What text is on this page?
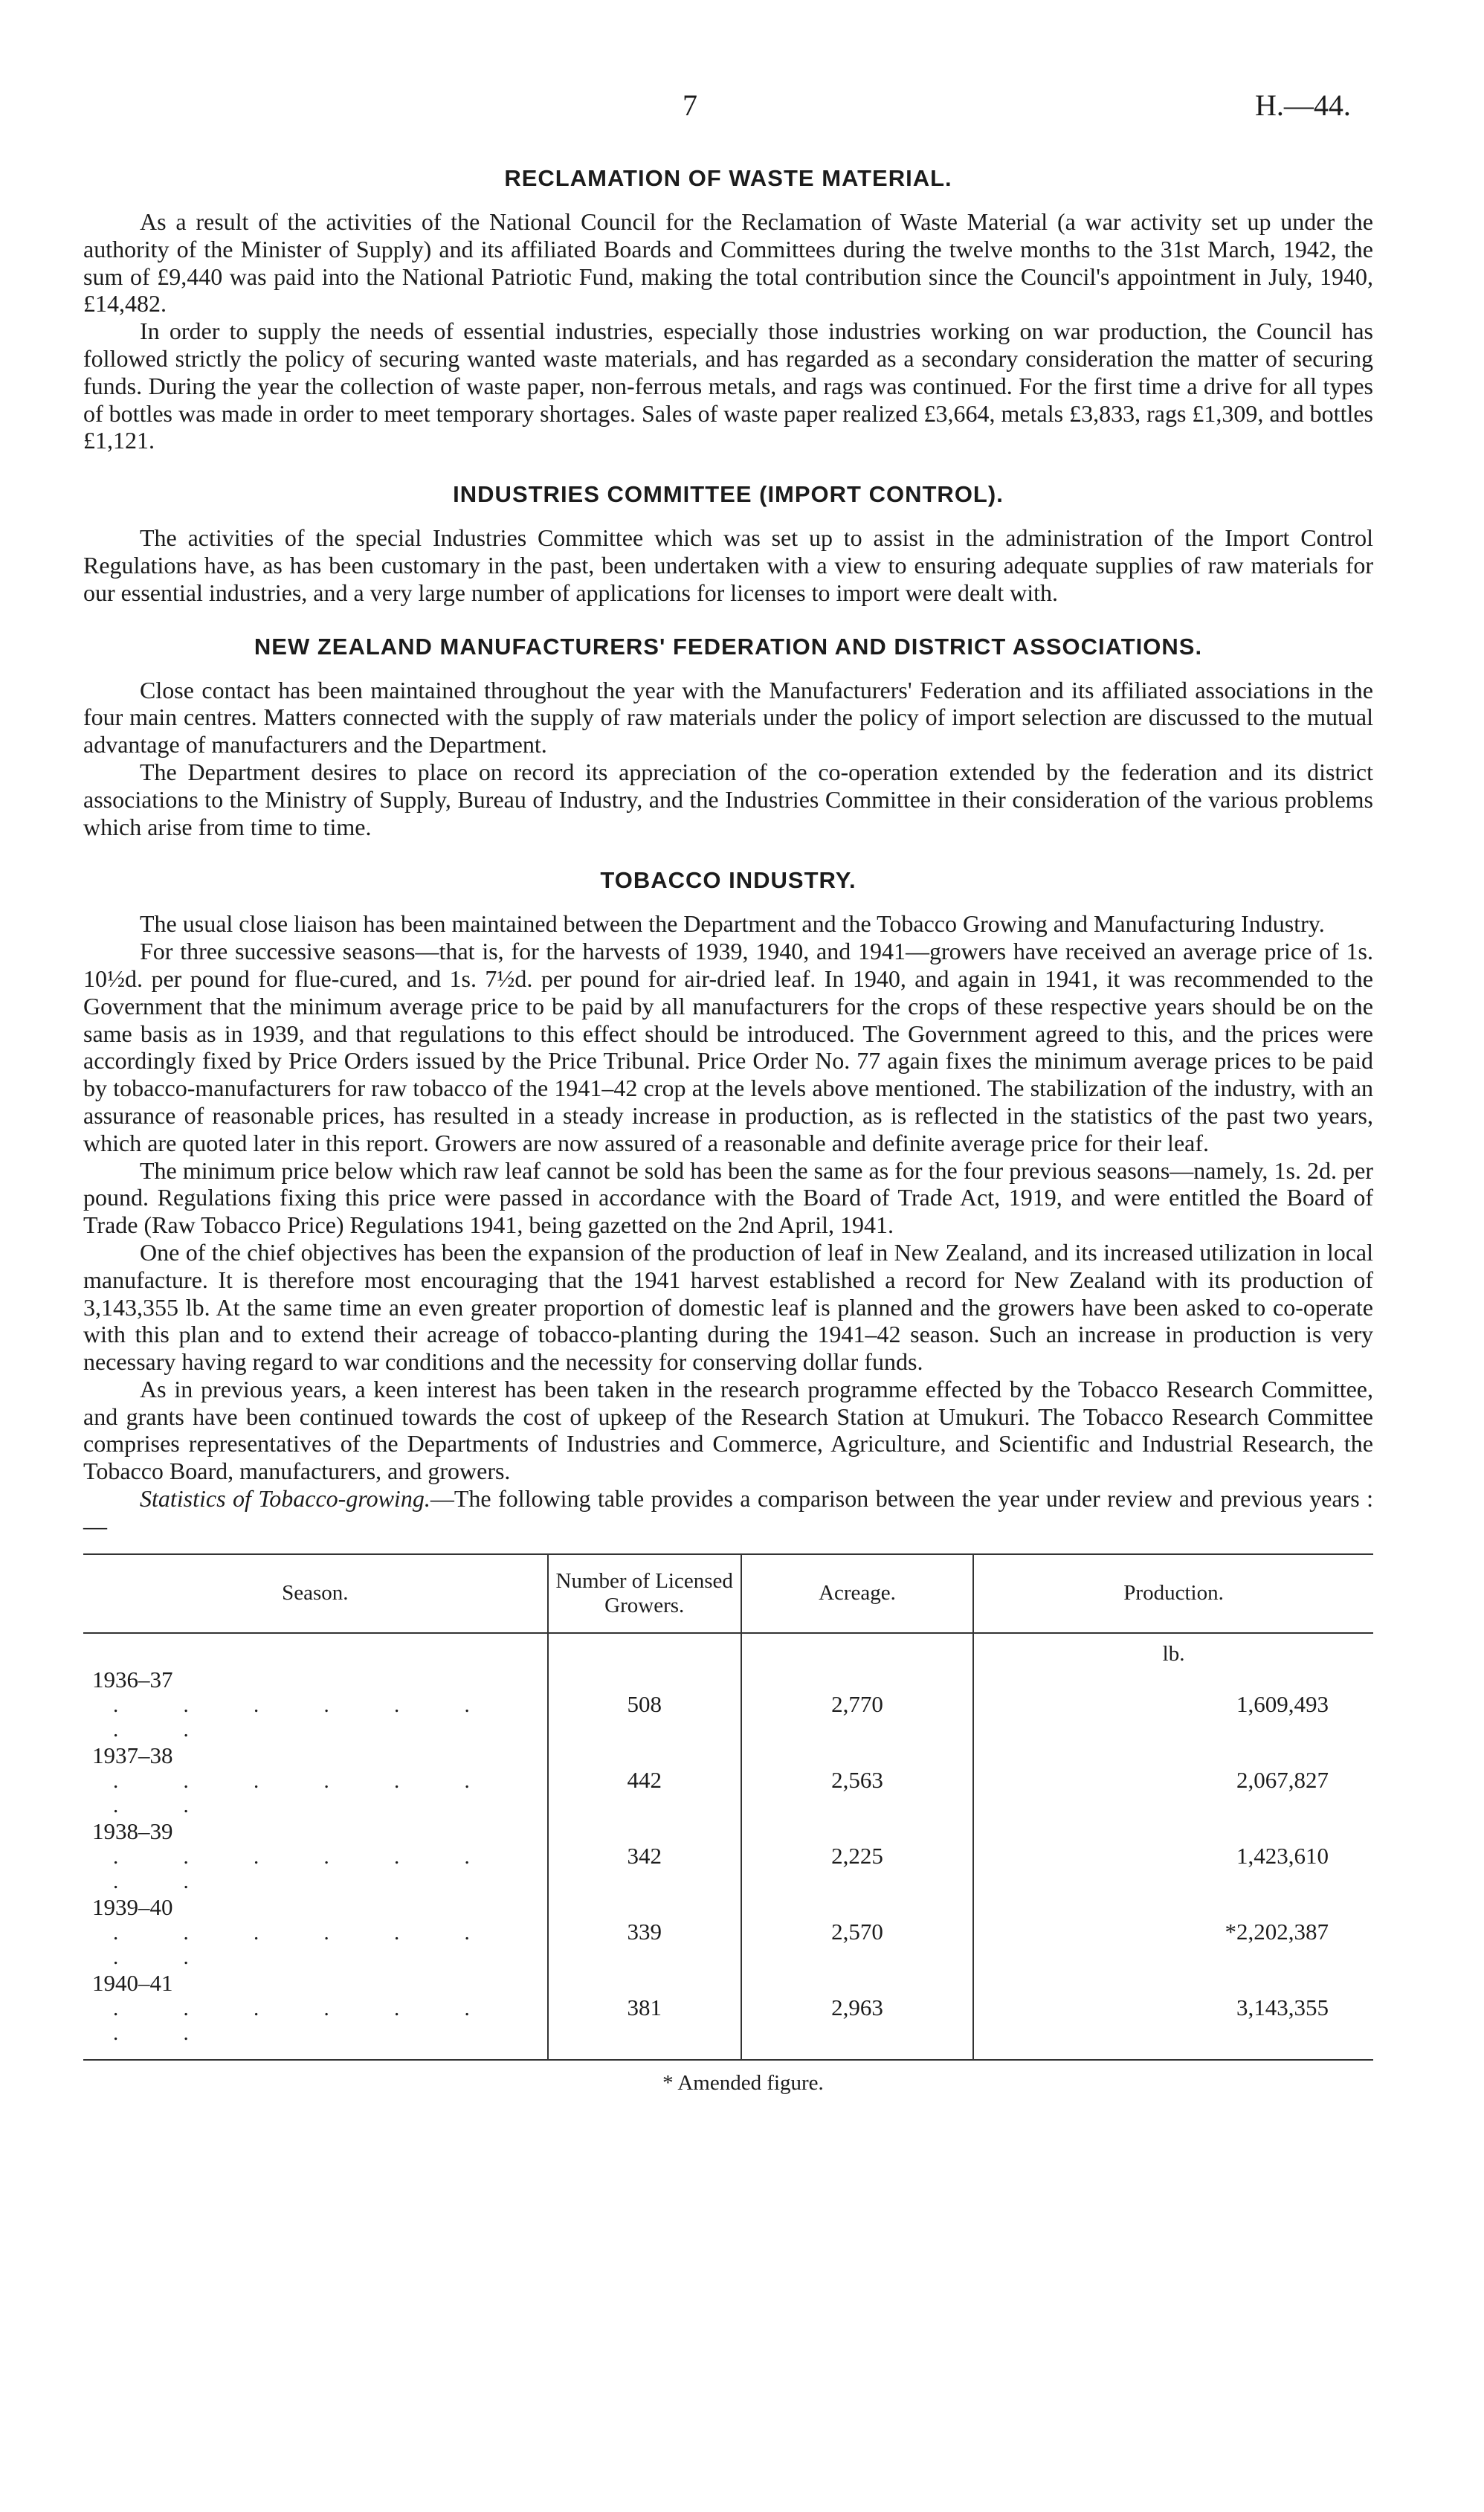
7	H.—44.
RECLAMATION OF WASTE MATERIAL.

As a result of the activities of the National Council for the Reclamation of Waste Material (a war activity set up under the authority of the Minister of Supply) and its affiliated Boards and Committees during the twelve months to the 31st March, 1942, the sum of £9,440 was paid into the National Patriotic Fund, making the total contribution since the Council's appointment in July, 1940, £14,482.

In order to supply the needs of essential industries, especially those industries working on war production, the Council has followed strictly the policy of securing wanted waste materials, and has regarded as a secondary consideration the matter of securing funds. During the year the collection of waste paper, non-ferrous metals, and rags was continued. For the first time a drive for all types of bottles was made in order to meet temporary shortages. Sales of waste paper realized £3,664, metals £3,833, rags £1,309, and bottles £1,121.

INDUSTRIES COMMITTEE (IMPORT CONTROL).

The activities of the special Industries Committee which was set up to assist in the administration of the Import Control Regulations have, as has been customary in the past, been undertaken with a view to ensuring adequate supplies of raw materials for our essential industries, and a very large number of applications for licenses to import were dealt with.

NEW ZEALAND MANUFACTURERS' FEDERATION AND DISTRICT ASSOCIATIONS.

Close contact has been maintained throughout the year with the Manufacturers' Federation and its affiliated associations in the four main centres. Matters connected with the supply of raw materials under the policy of import selection are discussed to the mutual advantage of manufacturers and the Department.

The Department desires to place on record its appreciation of the co-operation extended by the federation and its district associations to the Ministry of Supply, Bureau of Industry, and the Industries Committee in their consideration of the various problems which arise from time to time.

TOBACCO INDUSTRY.

The usual close liaison has been maintained between the Department and the Tobacco Growing and Manufacturing Industry.

For three successive seasons—that is, for the harvests of 1939, 1940, and 1941—growers have received an average price of 1s. 10½d. per pound for flue-cured, and 1s. 7½d. per pound for air-dried leaf. In 1940, and again in 1941, it was recommended to the Government that the minimum average price to be paid by all manufacturers for the crops of these respective years should be on the same basis as in 1939, and that regulations to this effect should be introduced. The Government agreed to this, and the prices were accordingly fixed by Price Orders issued by the Price Tribunal. Price Order No. 77 again fixes the minimum average prices to be paid by tobacco-manufacturers for raw tobacco of the 1941–42 crop at the levels above mentioned. The stabilization of the industry, with an assurance of reasonable prices, has resulted in a steady increase in production, as is reflected in the statistics of the past two years, which are quoted later in this report. Growers are now assured of a reasonable and definite average price for their leaf.

The minimum price below which raw leaf cannot be sold has been the same as for the four previous seasons—namely, 1s. 2d. per pound. Regulations fixing this price were passed in accordance with the Board of Trade Act, 1919, and were entitled the Board of Trade (Raw Tobacco Price) Regulations 1941, being gazetted on the 2nd April, 1941.

One of the chief objectives has been the expansion of the production of leaf in New Zealand, and its increased utilization in local manufacture. It is therefore most encouraging that the 1941 harvest established a record for New Zealand with its production of 3,143,355 lb. At the same time an even greater proportion of domestic leaf is planned and the growers have been asked to co-operate with this plan and to extend their acreage of tobacco-planting during the 1941–42 season. Such an increase in production is very necessary having regard to war conditions and the necessity for conserving dollar funds.

As in previous years, a keen interest has been taken in the research programme effected by the Tobacco Research Committee, and grants have been continued towards the cost of upkeep of the Research Station at Umukuri. The Tobacco Research Committee comprises representatives of the Departments of Industries and Commerce, Agriculture, and Scientific and Industrial Research, the Tobacco Board, manufacturers, and growers.

Statistics of Tobacco-growing.—The following table provides a comparison between the year under review and previous years :—

Season.	Number of Licensed Growers.	Acreage.	Production.
			lb.
1936–37. . . . . . . .	508	2,770	1,609,493
1937–38. . . . . . . .	442	2,563	2,067,827
1938–39. . . . . . . .	342	2,225	1,423,610
1939–40. . . . . . . .	339	2,570	*2,202,387
1940–41. . . . . . . .	381	2,963	3,143,355
* Amended figure.
